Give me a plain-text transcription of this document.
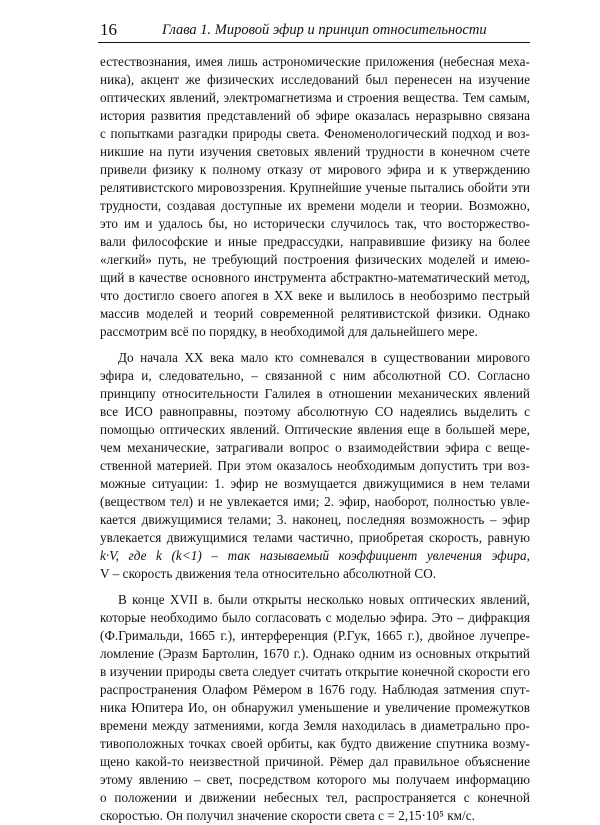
16	Глава 1. Мировой эфир и принцип относительности
естествознания, имея лишь астрономические приложения (небесная меха-
ника), акцент же физических исследований был перенесен на изучение
оптических явлений, электромагнетизма и строения вещества. Тем самым,
история развития представлений об эфире оказалась неразрывно связана
с попытками разгадки природы света. Феноменологический подход и воз-
никшие на пути изучения световых явлений трудности в конечном счете
привели физику к полному отказу от мирового эфира и к утверждению
релятивистского мировоззрения. Крупнейшие ученые пытались обойти эти
трудности, создавая доступные их времени модели и теории. Возможно,
это им и удалось бы, но исторически случилось так, что восторжество-
вали философские и иные предрассудки, направившие физику на более
«легкий» путь, не требующий построения физических моделей и имею-
щий в качестве основного инструмента абстрактно-математический метод,
что достигло своего апогея в XX веке и вылилось в необозримо пестрый
массив моделей и теорий современной релятивистской физики. Однако
рассмотрим всё по порядку, в необходимой для дальнейшего мере.
До начала XX века мало кто сомневался в существовании мирового
эфира и, следовательно, – связанной с ним абсолютной СО. Согласно
принципу относительности Галилея в отношении механических явлений
все ИСО равноправны, поэтому абсолютную СО надеялись выделить с
помощью оптических явлений. Оптические явления еще в большей мере,
чем механические, затрагивали вопрос о взаимодействии эфира с веще-
ственной материей. При этом оказалось необходимым допустить три воз-
можные ситуации: 1. эфир не возмущается движущимися в нем телами
(веществом тел) и не увлекается ими; 2. эфир, наоборот, полностью увле-
кается движущимися телами; 3. наконец, последняя возможность – эфир
увлекается движущимися телами частично, приобретая скорость, равную
k·V, где k (k<1) – так называемый коэффициент увлечения эфира,
V – скорость движения тела относительно абсолютной СО.
В конце XVII в. были открыты несколько новых оптических явлений,
которые необходимо было согласовать с моделью эфира. Это – дифракция
(Ф.Гримальди, 1665 г.), интерференция (Р.Гук, 1665 г.), двойное лучепре-
ломление (Эразм Бартолин, 1670 г.). Однако одним из основных открытий
в изучении природы света следует считать открытие конечной скорости его
распространения Олафом Рёмером в 1676 году. Наблюдая затмения спут-
ника Юпитера Ио, он обнаружил уменьшение и увеличение промежутков
времени между затмениями, когда Земля находилась в диаметрально про-
тивоположных точках своей орбиты, как будто движение спутника возму-
щено какой-то неизвестной причиной. Рёмер дал правильное объяснение
этому явлению – свет, посредством которого мы получаем информацию
о положении и движении небесных тел, распространяется с конечной
скоростью. Он получил значение скорости света c = 2,15·10⁵ км/с.
